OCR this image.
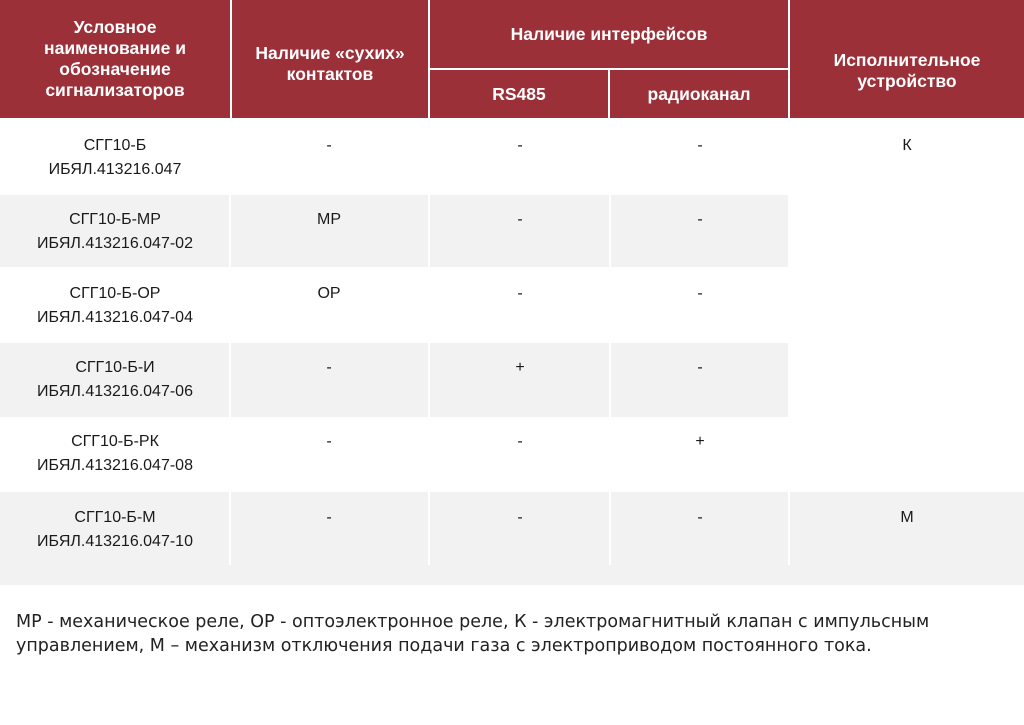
Условное наименование и обозначение сигнализаторов
Наличие «сухих» контактов
Наличие интерфейсов
RS485	радиоканал
Исполнительное устройство
СГГ10-Б
ИБЯЛ.413216.047
-	-	-	К
СГГ10-Б-МР
ИБЯЛ.413216.047-02
МР	-	-
СГГ10-Б-ОР
ИБЯЛ.413216.047-04
ОР	-	-
СГГ10-Б-И
ИБЯЛ.413216.047-06
-	+	-
СГГ10-Б-РК
ИБЯЛ.413216.047-08
-	-	+
СГГ10-Б-М
ИБЯЛ.413216.047-10
-	-	-	М
МР - механическое реле, ОР - оптоэлектронное реле, К - электромагнитный клапан с импульсным управлением, М – механизм отключения подачи газа с электроприводом постоянного тока.
